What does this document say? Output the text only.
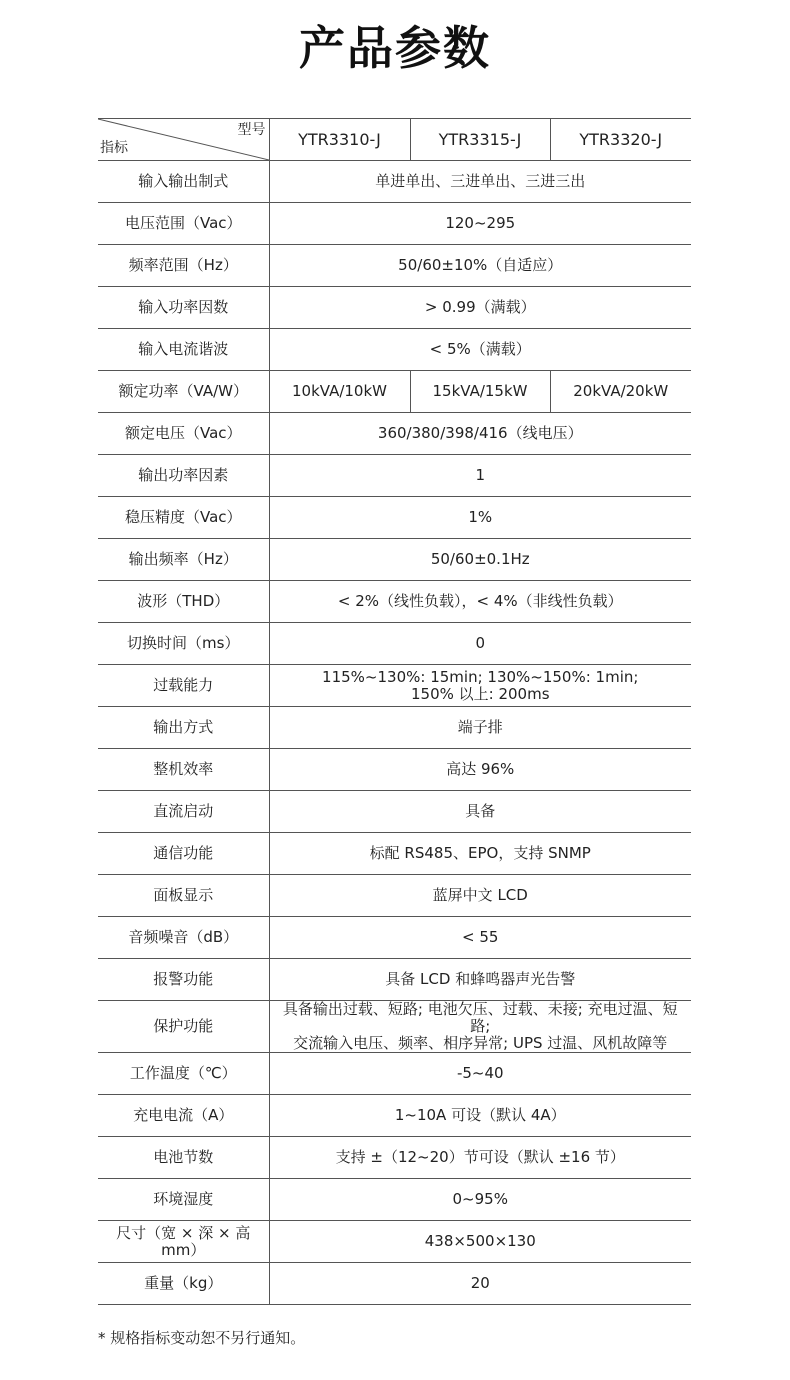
产品参数
型号
指标	YTR3310-J	YTR3315-J	YTR3320-J
输入输出制式	单进单出、三进单出、三进三出		
电压范围（Vac）	120~295		
频率范围（Hz）	50/60±10%（自适应）		
输入功率因数	> 0.99（满载）		
输入电流谐波	< 5%（满载）		
额定功率（VA/W）	10kVA/10kW	15kVA/15kW	20kVA/20kW
额定电压（Vac）	360/380/398/416（线电压）		
输出功率因素	1		
稳压精度（Vac）	1%		
输出频率（Hz）	50/60±0.1Hz		
波形（THD）	< 2%（线性负载），< 4%（非线性负载）		
切换时间（ms）	0		
过载能力	115%~130%: 15min; 130%~150%: 1min;
150% 以上: 200ms		

输出方式	端子排		
整机效率	高达 96%		
直流启动	具备		
通信功能	标配 RS485、EPO，支持 SNMP		
面板显示	蓝屏中文 LCD		
音频噪音（dB）	< 55		
报警功能	具备 LCD 和蜂鸣器声光告警		
保护功能	具备输出过载、短路; 电池欠压、过载、未接; 充电过温、短路;
交流输入电压、频率、相序异常; UPS 过温、风机故障等		

工作温度（℃）	-5~40		
充电电流（A）	1~10A 可设（默认 4A）		
电池节数	支持 ±（12~20）节可设（默认 ±16 节）		
环境湿度	0~95%		
尺寸（宽 × 深 × 高 mm）	438×500×130		
重量（kg）	20		
* 规格指标变动恕不另行通知。
